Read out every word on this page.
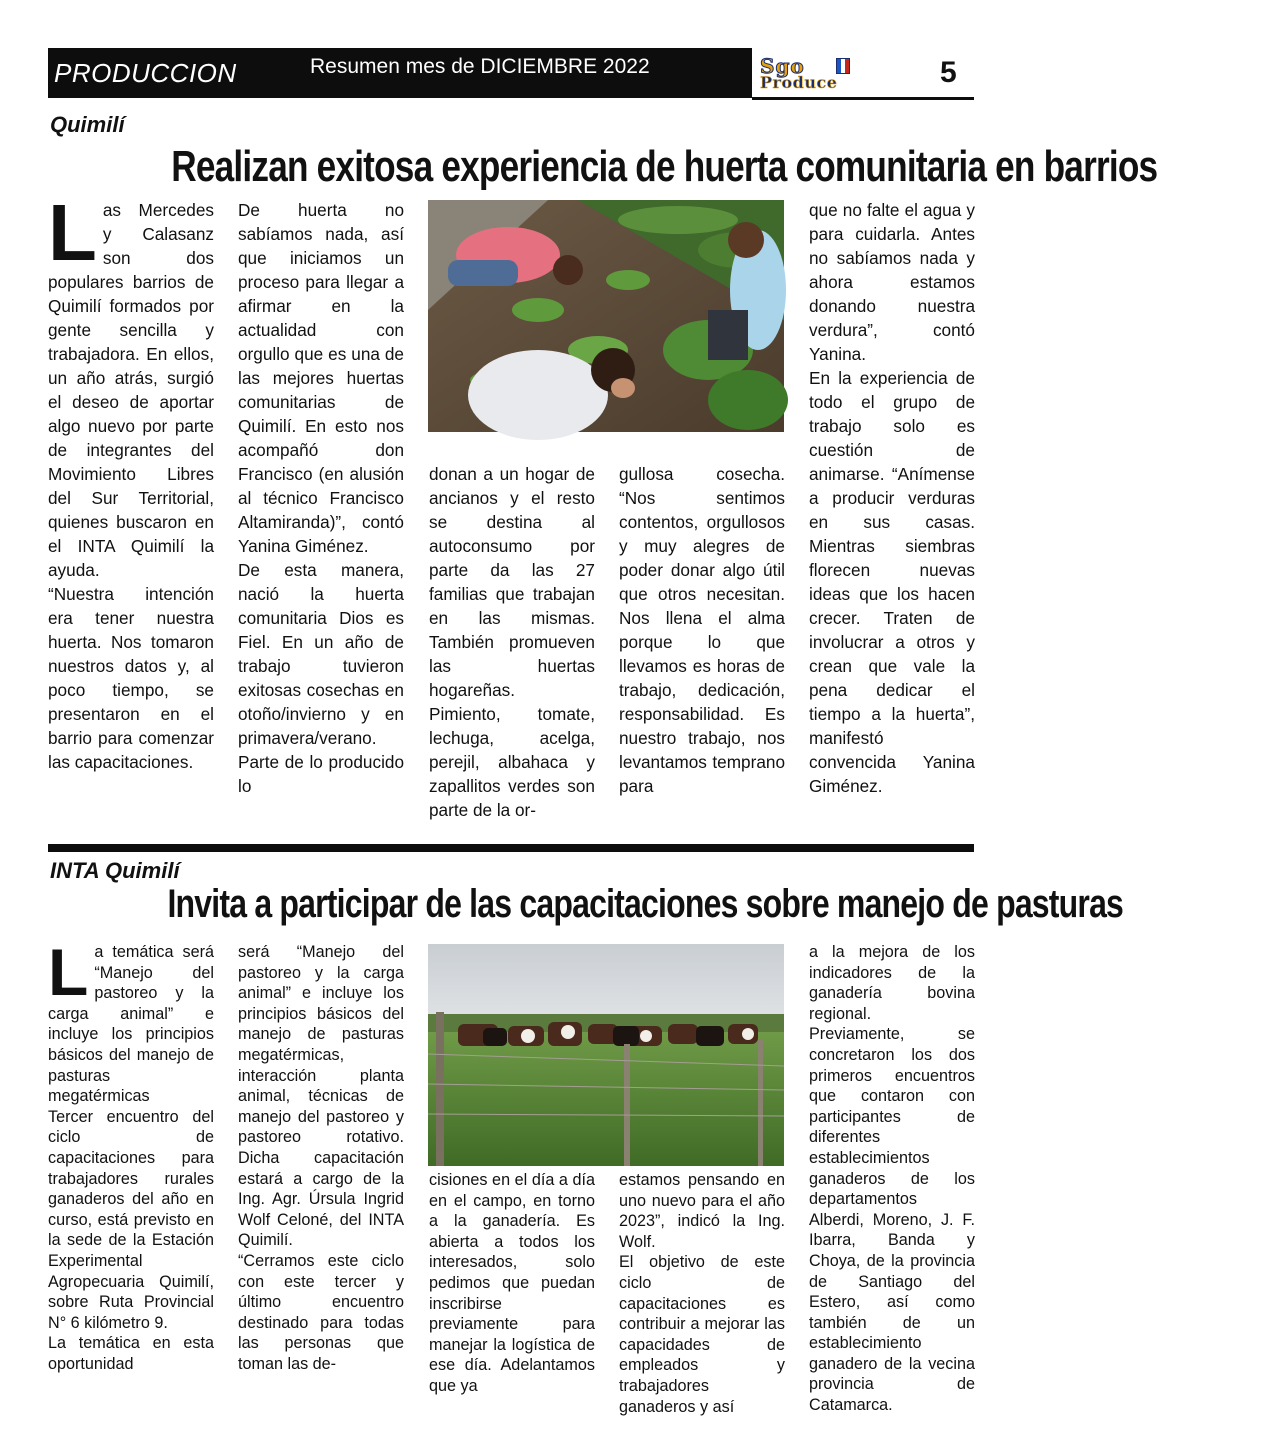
PRODUCCION	Resumen mes de DICIEMBRE 2022	Sgo
Produce	5
Quimilí
Realizan exitosa experiencia de huerta comunitaria en barrios
L as Mercedes y Calasanz son dos populares barrios de Quimilí formados por gente sencilla y trabajadora. En ellos, un año atrás, surgió el deseo de aportar algo nuevo por parte de integrantes del Movimiento Libres del Sur Territorial, quienes buscaron en el INTA Quimilí la ayuda.
“Nuestra intención era tener nuestra huerta. Nos tomaron nuestros datos y, al poco tiempo, se presentaron en el barrio para comenzar las capacitaciones.
De huerta no sabíamos nada, así que iniciamos un proceso para llegar a afirmar en la actualidad con orgullo que es una de las mejores huertas comunitarias de Quimilí. En esto nos acompañó don Francisco (en alusión al técnico Francisco Altamiranda)”, contó Yanina Giménez.
De esta manera, nació la huerta comunitaria Dios es Fiel. En un año de trabajo tuvieron exitosas cosechas en otoño/invierno y en primavera/verano. Parte de lo producido lo
donan a un hogar de ancianos y el resto se destina al autoconsumo por parte da las 27 familias que trabajan en las mismas. También promueven las huertas hogareñas.
Pimiento, tomate, lechuga, acelga, perejil, albahaca y zapallitos verdes son parte de la or-
gullosa cosecha. “Nos sentimos contentos, orgullosos y muy alegres de poder donar algo útil que otros necesitan. Nos llena el alma porque lo que llevamos es horas de trabajo, dedicación, responsabilidad. Es nuestro trabajo, nos levantamos temprano para
que no falte el agua y para cuidarla. Antes no sabíamos nada y ahora estamos donando nuestra verdura”, contó Yanina.
En la experiencia de todo el grupo de trabajo solo es cuestión de animarse. “Anímense a producir verduras en sus casas. Mientras siembras florecen nuevas ideas que los hacen crecer. Traten de involucrar a otros y crean que vale la pena dedicar el tiempo a la huerta”, manifestó convencida Yanina Giménez.
INTA Quimilí
Invita a participar de las capacitaciones sobre manejo de pasturas
L a temática será “Manejo del pastoreo y la carga animal” e incluye los principios básicos del manejo de pasturas megatérmicas
Tercer encuentro del ciclo de capacitaciones para trabajadores rurales ganaderos del año en curso, está previsto en la sede de la Estación Experimental Agropecuaria Quimilí, sobre Ruta Provincial N° 6 kilómetro 9.
La temática en esta oportunidad
será “Manejo del pastoreo y la carga animal” e incluye los principios básicos del manejo de pasturas megatérmicas, interacción planta animal, técnicas de manejo del pastoreo y pastoreo rotativo. Dicha capacitación estará a cargo de la Ing. Agr. Úrsula Ingrid Wolf Celoné, del INTA Quimilí.
“Cerramos este ciclo con este tercer y último encuentro destinado para todas las personas que toman las de-
cisiones en el día a día en el campo, en torno a la ganadería. Es abierta a todos los interesados, solo pedimos que puedan inscribirse previamente para manejar la logística de ese día. Adelantamos que ya
estamos pensando en uno nuevo para el año 2023”, indicó la Ing. Wolf.
El objetivo de este ciclo de capacitaciones es contribuir a mejorar las capacidades de empleados y trabajadores ganaderos y así
a la mejora de los indicadores de la ganadería bovina regional.
Previamente, se concretaron los dos primeros encuentros que contaron con participantes de diferentes establecimientos ganaderos de los departamentos Alberdi, Moreno, J. F. Ibarra, Banda y Choya, de la provincia de Santiago del Estero, así como también de un establecimiento ganadero de la vecina provincia de Catamarca.
